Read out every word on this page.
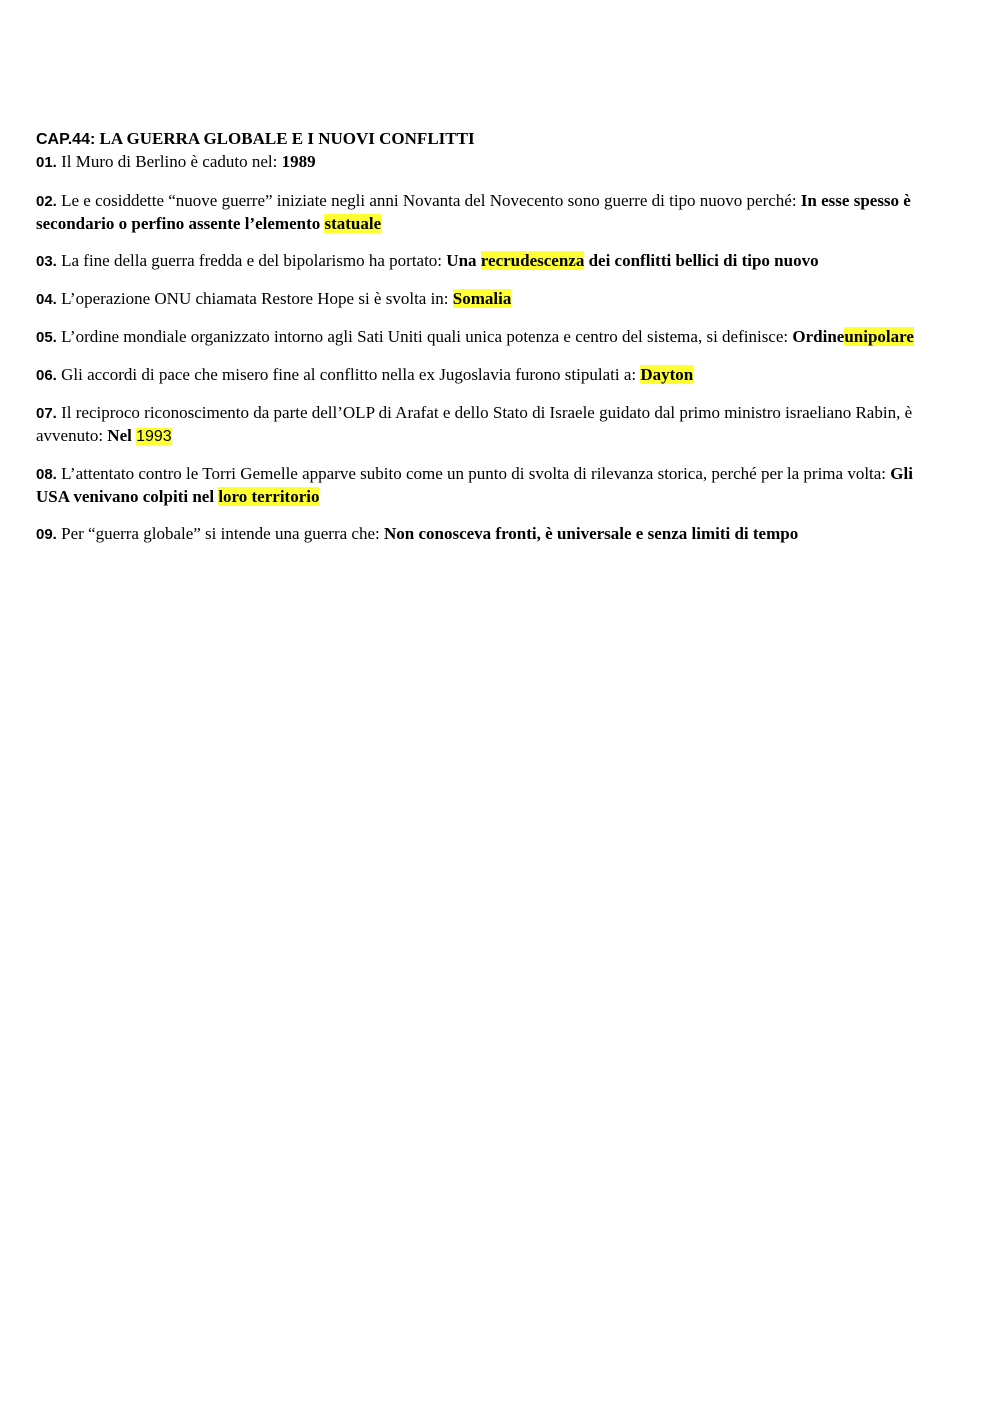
CAP.44: LA GUERRA GLOBALE E I NUOVI CONFLITTI

01. Il Muro di Berlino è caduto nel: 1989

02. Le e cosiddette “nuove guerre” iniziate negli anni Novanta del Novecento sono guerre di tipo nuovo perché: In esse spesso è secondario o perfino assente l’elemento statuale

03. La fine della guerra fredda e del bipolarismo ha portato: Una recrudescenza dei conflitti bellici di tipo nuovo

04. L’operazione ONU chiamata Restore Hope si è svolta in: Somalia

05. L’ordine mondiale organizzato intorno agli Sati Uniti quali unica potenza e centro del sistema, si definisce: Ordineunipolare

06. Gli accordi di pace che misero fine al conflitto nella ex Jugoslavia furono stipulati a: Dayton

07. Il reciproco riconoscimento da parte dell’OLP di Arafat e dello Stato di Israele guidato dal primo ministro israeliano Rabin, è avvenuto: Nel 1993

08. L’attentato contro le Torri Gemelle apparve subito come un punto di svolta di rilevanza storica, perché per la prima volta: Gli USA venivano colpiti nel loro territorio

09. Per “guerra globale” si intende una guerra che: Non conosceva fronti, è universale e senza limiti di tempo
